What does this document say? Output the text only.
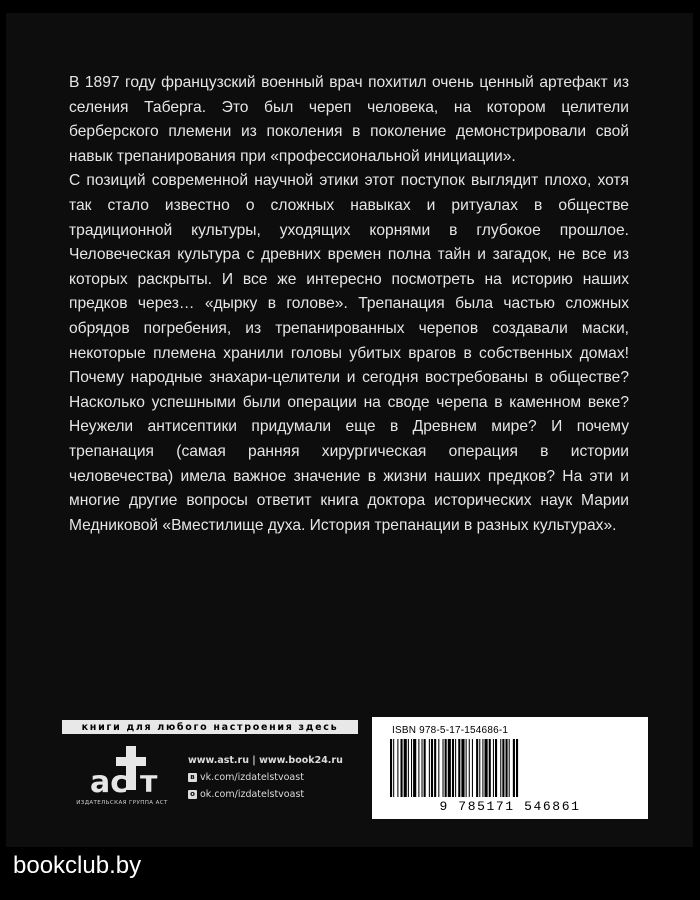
В 1897 году французский военный врач похитил очень ценный артефакт из селения Таберга. Это был череп человека, на котором целители берберского племени из поколения в поколение демонстрировали свой навык трепанирования при «профессиональной инициации».

С позиций современной научной этики этот поступок выглядит плохо, хотя так стало известно о сложных навыках и ритуалах в обществе традиционной культуры, уходящих корнями в глубокое прошлое. Человеческая культура с древних времен полна тайн и загадок, не все из которых раскрыты. И все же интересно посмотреть на историю наших предков через… «дырку в голове». Трепанация была частью сложных обрядов погребения, из трепанированных черепов создавали маски, некоторые племена хранили головы убитых врагов в собственных домах! Почему народные знахари-целители и сегодня востребованы в обществе? Насколько успешными были операции на своде черепа в каменном веке? Неужели антисептики придумали еще в Древнем мире? И почему трепанация (самая ранняя хирургическая операция в истории человечества) имела важное значение в жизни наших предков? На эти и многие другие вопросы ответит книга доктора исторических наук Марии Медниковой «Вместилище духа. История трепанации в разных культурах».

книги для любого настроения здесь
ac т
ИЗДАТЕЛЬСКАЯ ГРУППА АСТ
www.ast.ru | www.book24.ru
в vk.com/izdatelstvoast
о ok.com/izdatelstvoast
ISBN 978-5-17-154686-1
9 785171 546861
bookclub.by
